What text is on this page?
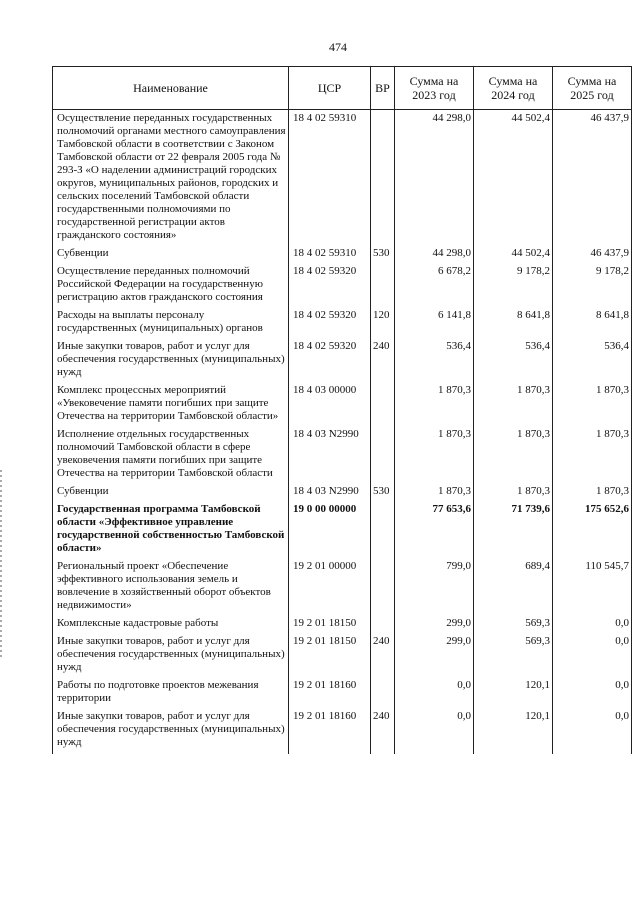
474
Наименование	ЦСР	ВР	Сумма на 2023 год	Сумма на 2024 год	Сумма на 2025 год
Осуществление переданных государственных полномочий органами местного самоуправления Тамбовской области в соответствии с Законом Тамбовской области от 22 февраля 2005 года № 293-З «О наделении администраций городских округов, муниципальных районов, городских и сельских поселений Тамбовской области государственными полномочиями по государственной регистрации актов гражданского состояния»	18 4 02 59310		44 298,0	44 502,4	46 437,9
Субвенции	18 4 02 59310	530	44 298,0	44 502,4	46 437,9
Осуществление переданных полномочий Российской Федерации на государственную регистрацию актов гражданского состояния	18 4 02 59320		6 678,2	9 178,2	9 178,2
Расходы на выплаты персоналу государственных (муниципальных) органов	18 4 02 59320	120	6 141,8	8 641,8	8 641,8
Иные закупки товаров, работ и услуг для обеспечения государственных (муниципальных) нужд	18 4 02 59320	240	536,4	536,4	536,4
Комплекс процессных мероприятий «Увековечение памяти погибших при защите Отечества на территории Тамбовской области»	18 4 03 00000		1 870,3	1 870,3	1 870,3
Исполнение отдельных государственных полномочий Тамбовской области в сфере увековечения памяти погибших при защите Отечества на территории Тамбовской области	18 4 03 N2990		1 870,3	1 870,3	1 870,3
Субвенции	18 4 03 N2990	530	1 870,3	1 870,3	1 870,3
Государственная программа Тамбовской области «Эффективное управление государственной собственностью Тамбовской области»	19 0 00 00000		77 653,6	71 739,6	175 652,6
Региональный проект «Обеспечение эффективного использования земель и вовлечение в хозяйственный оборот объектов недвижимости»	19 2 01 00000		799,0	689,4	110 545,7
Комплексные кадастровые работы	19 2 01 18150		299,0	569,3	0,0
Иные закупки товаров, работ и услуг для обеспечения государственных (муниципальных) нужд	19 2 01 18150	240	299,0	569,3	0,0
Работы по подготовке проектов межевания территории	19 2 01 18160		0,0	120,1	0,0
Иные закупки товаров, работ и услуг для обеспечения государственных (муниципальных) нужд	19 2 01 18160	240	0,0	120,1	0,0
